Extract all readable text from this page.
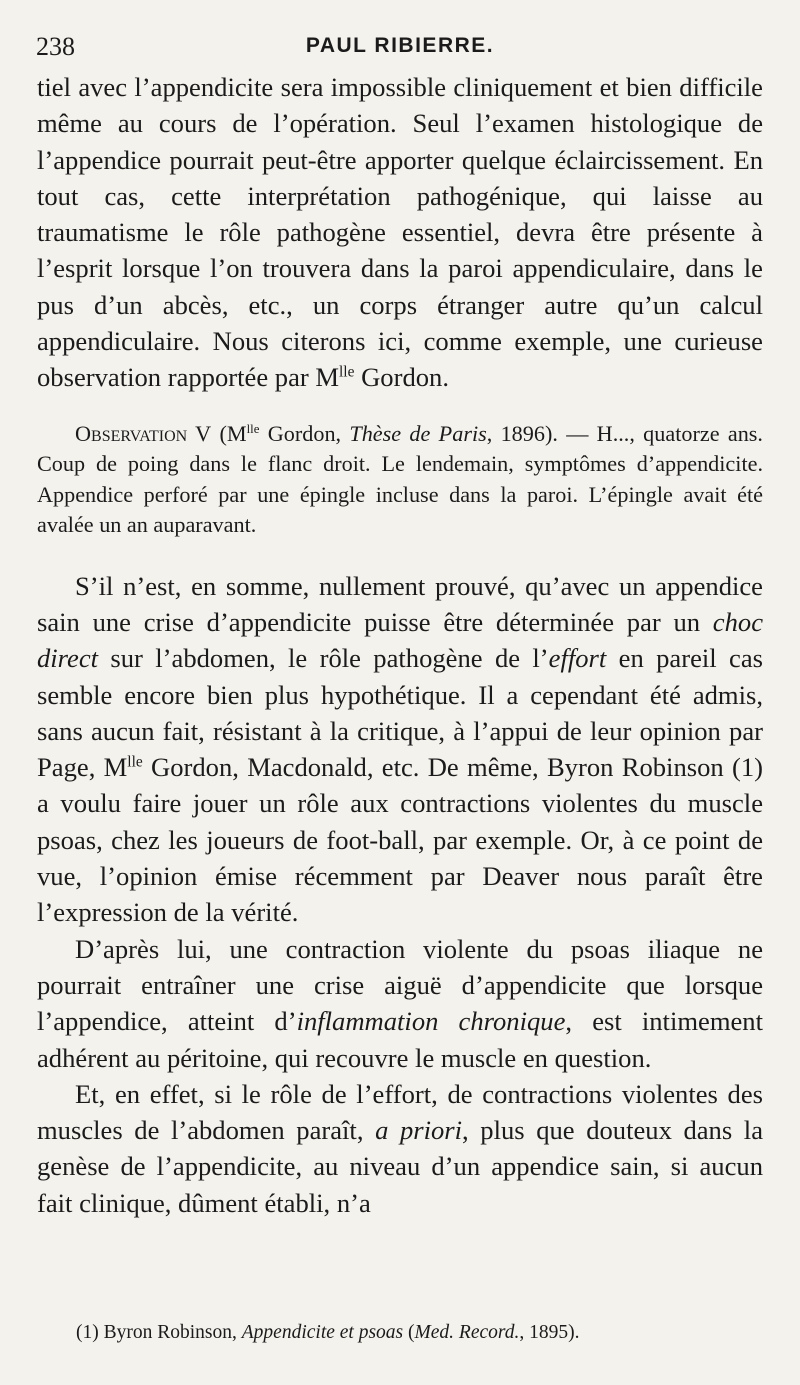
238	PAUL RIBIERRE.

tiel avec l’appendicite sera impossible cliniquement et bien difficile même au cours de l’opération. Seul l’examen histologique de l’appendice pourrait peut-être apporter quelque éclaircissement. En tout cas, cette interprétation pathogénique, qui laisse au traumatisme le rôle pathogène essentiel, devra être présente à l’esprit lorsque l’on trouvera dans la paroi appendiculaire, dans le pus d’un abcès, etc., un corps étranger autre qu’un calcul appendiculaire. Nous citerons ici, comme exemple, une curieuse observation rapportée par $M^{lle}$ Gordon.

Observation V ($M^{lle}$ Gordon, Thèse de Paris, 1896). — H..., quatorze ans. Coup de poing dans le flanc droit. Le lendemain, symptômes d’appendicite. Appendice perforé par une épingle incluse dans la paroi. L’épingle avait été avalée un an auparavant.

S’il n’est, en somme, nullement prouvé, qu’avec un appendice sain une crise d’appendicite puisse être déterminée par un choc direct sur l’abdomen, le rôle pathogène de l’effort en pareil cas semble encore bien plus hypothétique. Il a cependant été admis, sans aucun fait, résistant à la critique, à l’appui de leur opinion par Page, $M^{lle}$ Gordon, Macdonald, etc. De même, Byron Robinson (1) a voulu faire jouer un rôle aux contractions violentes du muscle psoas, chez les joueurs de foot-ball, par exemple. Or, à ce point de vue, l’opinion émise récemment par Deaver nous paraît être l’expression de la vérité.

D’après lui, une contraction violente du psoas iliaque ne pourrait entraîner une crise aiguë d’appendicite que lorsque l’appendice, atteint d’inflammation chronique, est intimement adhérent au péritoine, qui recouvre le muscle en question.

Et, en effet, si le rôle de l’effort, de contractions violentes des muscles de l’abdomen paraît, a priori, plus que douteux dans la genèse de l’appendicite, au niveau d’un appendice sain, si aucun fait clinique, dûment établi, n’a

(1) Byron Robinson, Appendicite et psoas (Med. Record., 1895).
